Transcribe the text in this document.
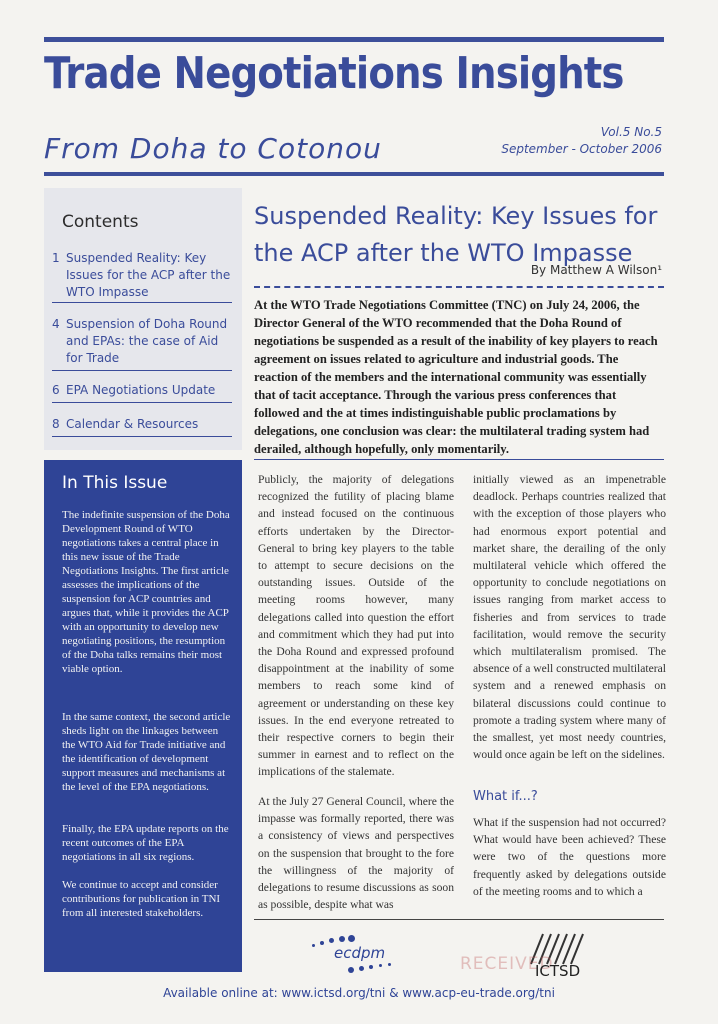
Trade Negotiations Insights
From Doha to Cotonou	Vol.5 No.5
September - October 2006
Contents
1 Suspended Reality: Key Issues for the ACP after the WTO Impasse
4 Suspension of Doha Round and EPAs: the case of Aid for Trade
6 EPA Negotiations Update
8 Calendar & Resources
In This Issue
The indefinite suspension of the Doha Development Round of WTO negotiations takes a central place in this new issue of the Trade Negotiations Insights. The first article assesses the implications of the suspension for ACP countries and argues that, while it provides the ACP with an opportunity to develop new negotiating positions, the resumption of the Doha talks remains their most viable option.
In the same context, the second article sheds light on the linkages between the WTO Aid for Trade initiative and the identification of development support measures and mechanisms at the level of the EPA negotiations.
Finally, the EPA update reports on the recent outcomes of the EPA negotiations in all six regions.
We continue to accept and consider contributions for publication in TNI from all interested stakeholders.
Suspended Reality: Key Issues for the ACP after the WTO Impasse
By Matthew A Wilson¹
At the WTO Trade Negotiations Committee (TNC) on July 24, 2006, the Director General of the WTO recommended that the Doha Round of negotiations be suspended as a result of the inability of key players to reach agreement on issues related to agriculture and industrial goods. The reaction of the members and the international community was essentially that of tacit acceptance. Through the various press conferences that followed and the at times indistinguishable public proclamations by delegations, one conclusion was clear: the multilateral trading system had derailed, although hopefully, only momentarily.
Publicly, the majority of delegations recognized the futility of placing blame and instead focused on the continuous efforts undertaken by the Director-General to bring key players to the table to attempt to secure decisions on the outstanding issues. Outside of the meeting rooms however, many delegations called into question the effort and commitment which they had put into the Doha Round and expressed profound disappointment at the inability of some members to reach some kind of agreement or understanding on these key issues. In the end everyone retreated to their respective corners to begin their summer in earnest and to reflect on the implications of the stalemate.
At the July 27 General Council, where the impasse was formally reported, there was a consistency of views and perspectives on the suspension that brought to the fore the willingness of the majority of delegations to resume discussions as soon as possible, despite what was
initially viewed as an impenetrable deadlock. Perhaps countries realized that with the exception of those players who had enormous export potential and market share, the derailing of the only multilateral vehicle which offered the opportunity to conclude negotiations on issues ranging from market access to fisheries and from services to trade facilitation, would remove the security which multilateralism promised. The absence of a well constructed multilateral system and a renewed emphasis on bilateral discussions could continue to promote a trading system where many of the smallest, yet most needy countries, would once again be left on the sidelines.
What if...?
What if the suspension had not occurred? What would have been achieved? These were two of the questions more frequently asked by delegations outside of the meeting rooms and to which a
ecdpm
RECEIVED
ICTSD
Available online at: www.ictsd.org/tni & www.acp-eu-trade.org/tni
